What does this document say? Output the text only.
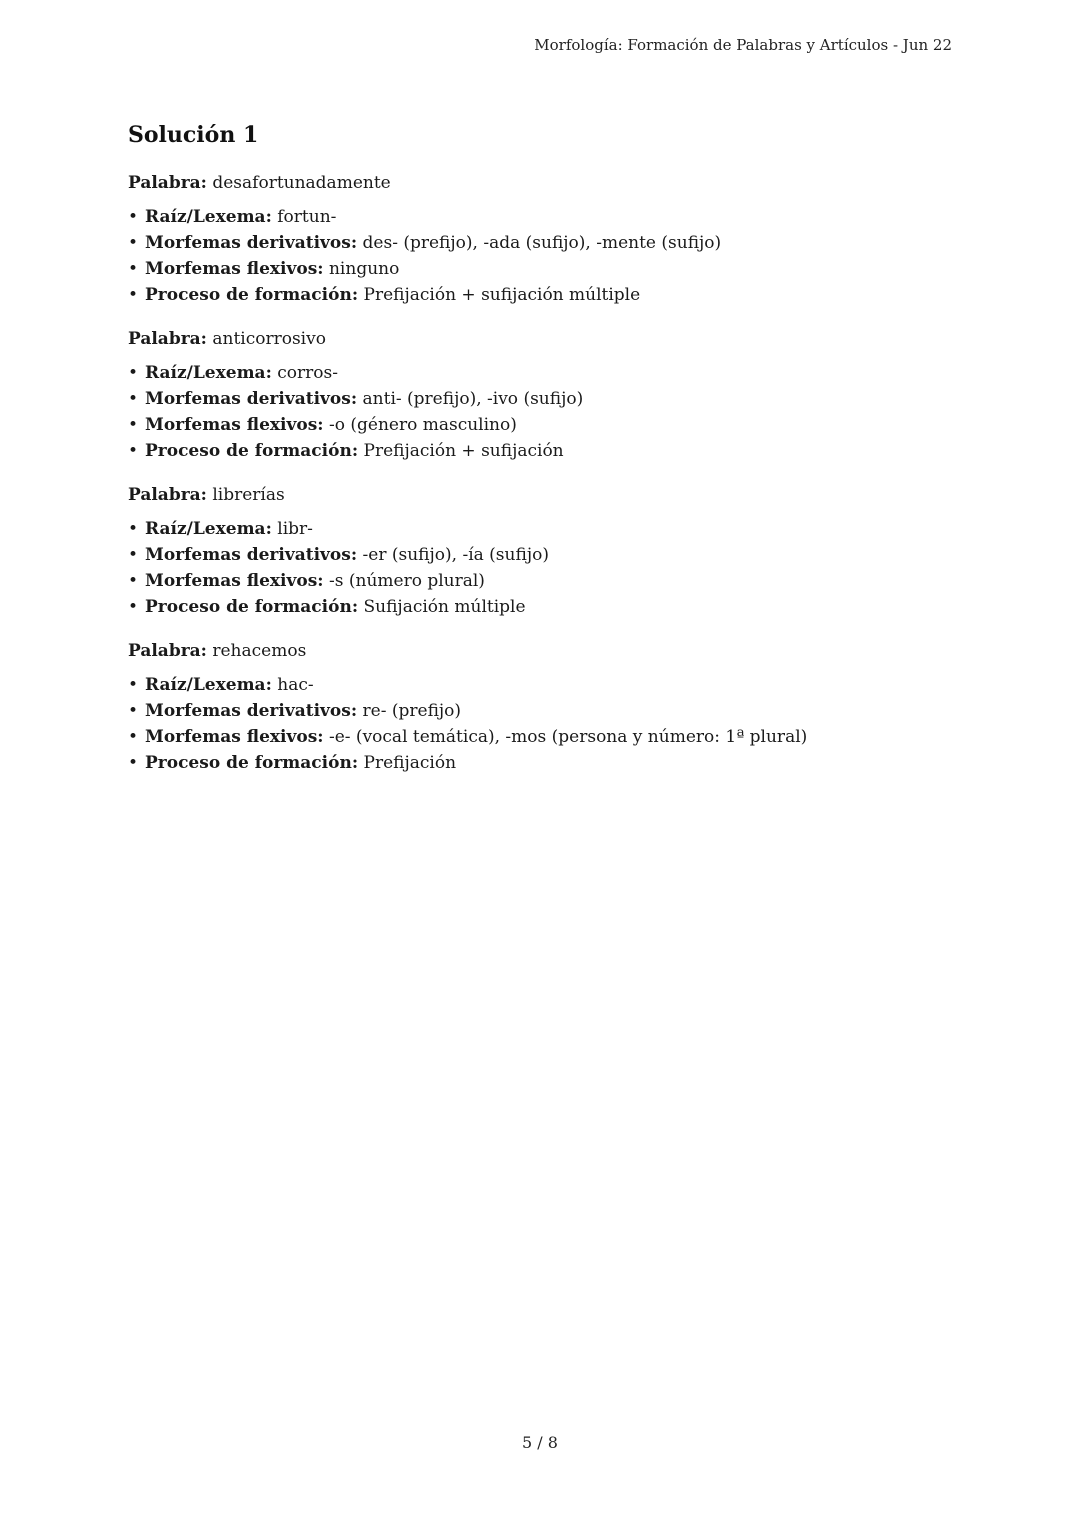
Morfología: Formación de Palabras y Artículos - Jun 22
Solución 1

Palabra: desafortunadamente

• Raíz/Lexema: fortun-
• Morfemas derivativos: des- (prefijo), -ada (sufijo), -mente (sufijo)
• Morfemas flexivos: ninguno
• Proceso de formación: Prefijación + sufijación múltiple

Palabra: anticorrosivo

• Raíz/Lexema: corros-
• Morfemas derivativos: anti- (prefijo), -ivo (sufijo)
• Morfemas flexivos: -o (género masculino)
• Proceso de formación: Prefijación + sufijación

Palabra: librerías

• Raíz/Lexema: libr-
• Morfemas derivativos: -er (sufijo), -ía (sufijo)
• Morfemas flexivos: -s (número plural)
• Proceso de formación: Sufijación múltiple

Palabra: rehacemos

• Raíz/Lexema: hac-
• Morfemas derivativos: re- (prefijo)
• Morfemas flexivos: -e- (vocal temática), -mos (persona y número: 1ª plural)
• Proceso de formación: Prefijación
5 / 8
